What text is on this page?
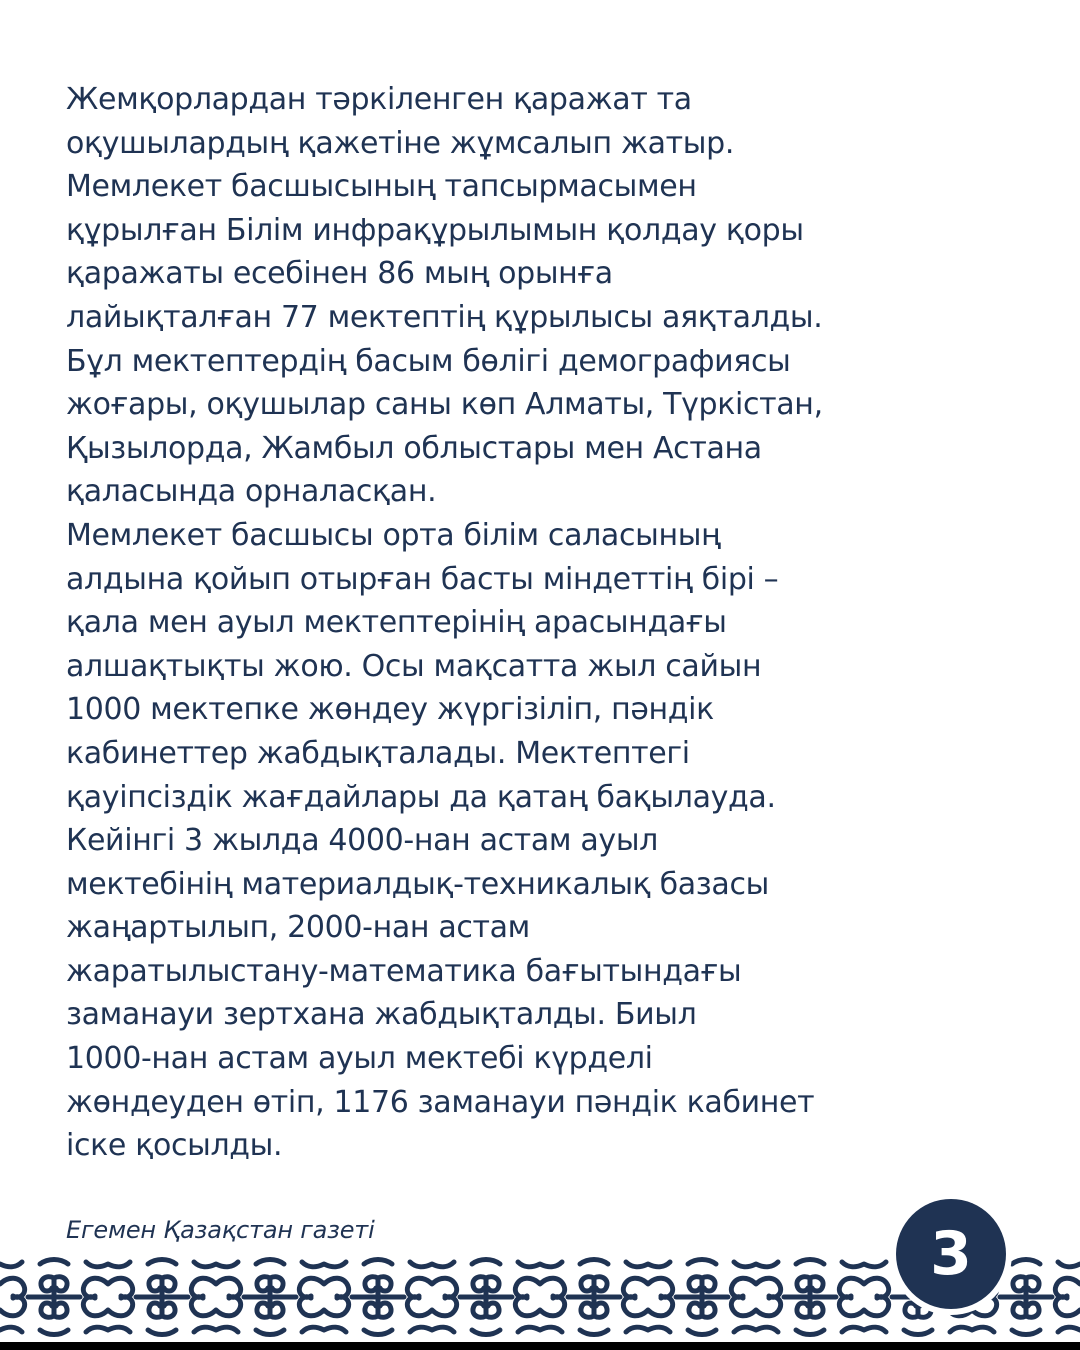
Жемқорлардан тәркіленген қаражат та
оқушылардың қажетіне жұмсалып жатыр.
Мемлекет басшысының тапсырмасымен
құрылған Білім инфрақұрылымын қолдау қоры
қаражаты есебінен 86 мың орынға
лайықталған 77 мектептің құрылысы аяқталды.
Бұл мектептердің басым бөлігі демографиясы
жоғары, оқушылар саны көп Алматы, Түркістан,
Қызылорда, Жамбыл облыстары мен Астана
қаласында орналасқан.

Мемлекет басшысы орта білім саласының
алдына қойып отырған басты міндеттің бірі –
қала мен ауыл мектептерінің арасындағы
алшақтықты жою. Осы мақсатта жыл сайын
1000 мектепке жөндеу жүргізіліп, пәндік
кабинеттер жабдықталады. Мектептегі
қауіпсіздік жағдайлары да қатаң бақылауда.
Кейінгі 3 жылда 4000-нан астам ауыл
мектебінің материалдық-техникалық базасы
жаңартылып, 2000-нан астам
жаратылыстану-математика бағытындағы
заманауи зертхана жабдықталды. Биыл
1000-нан астам ауыл мектебі күрделі
жөндеуден өтіп, 1176 заманауи пәндік кабинет
іске қосылды.

Егемен Қазақстан газеті	3
